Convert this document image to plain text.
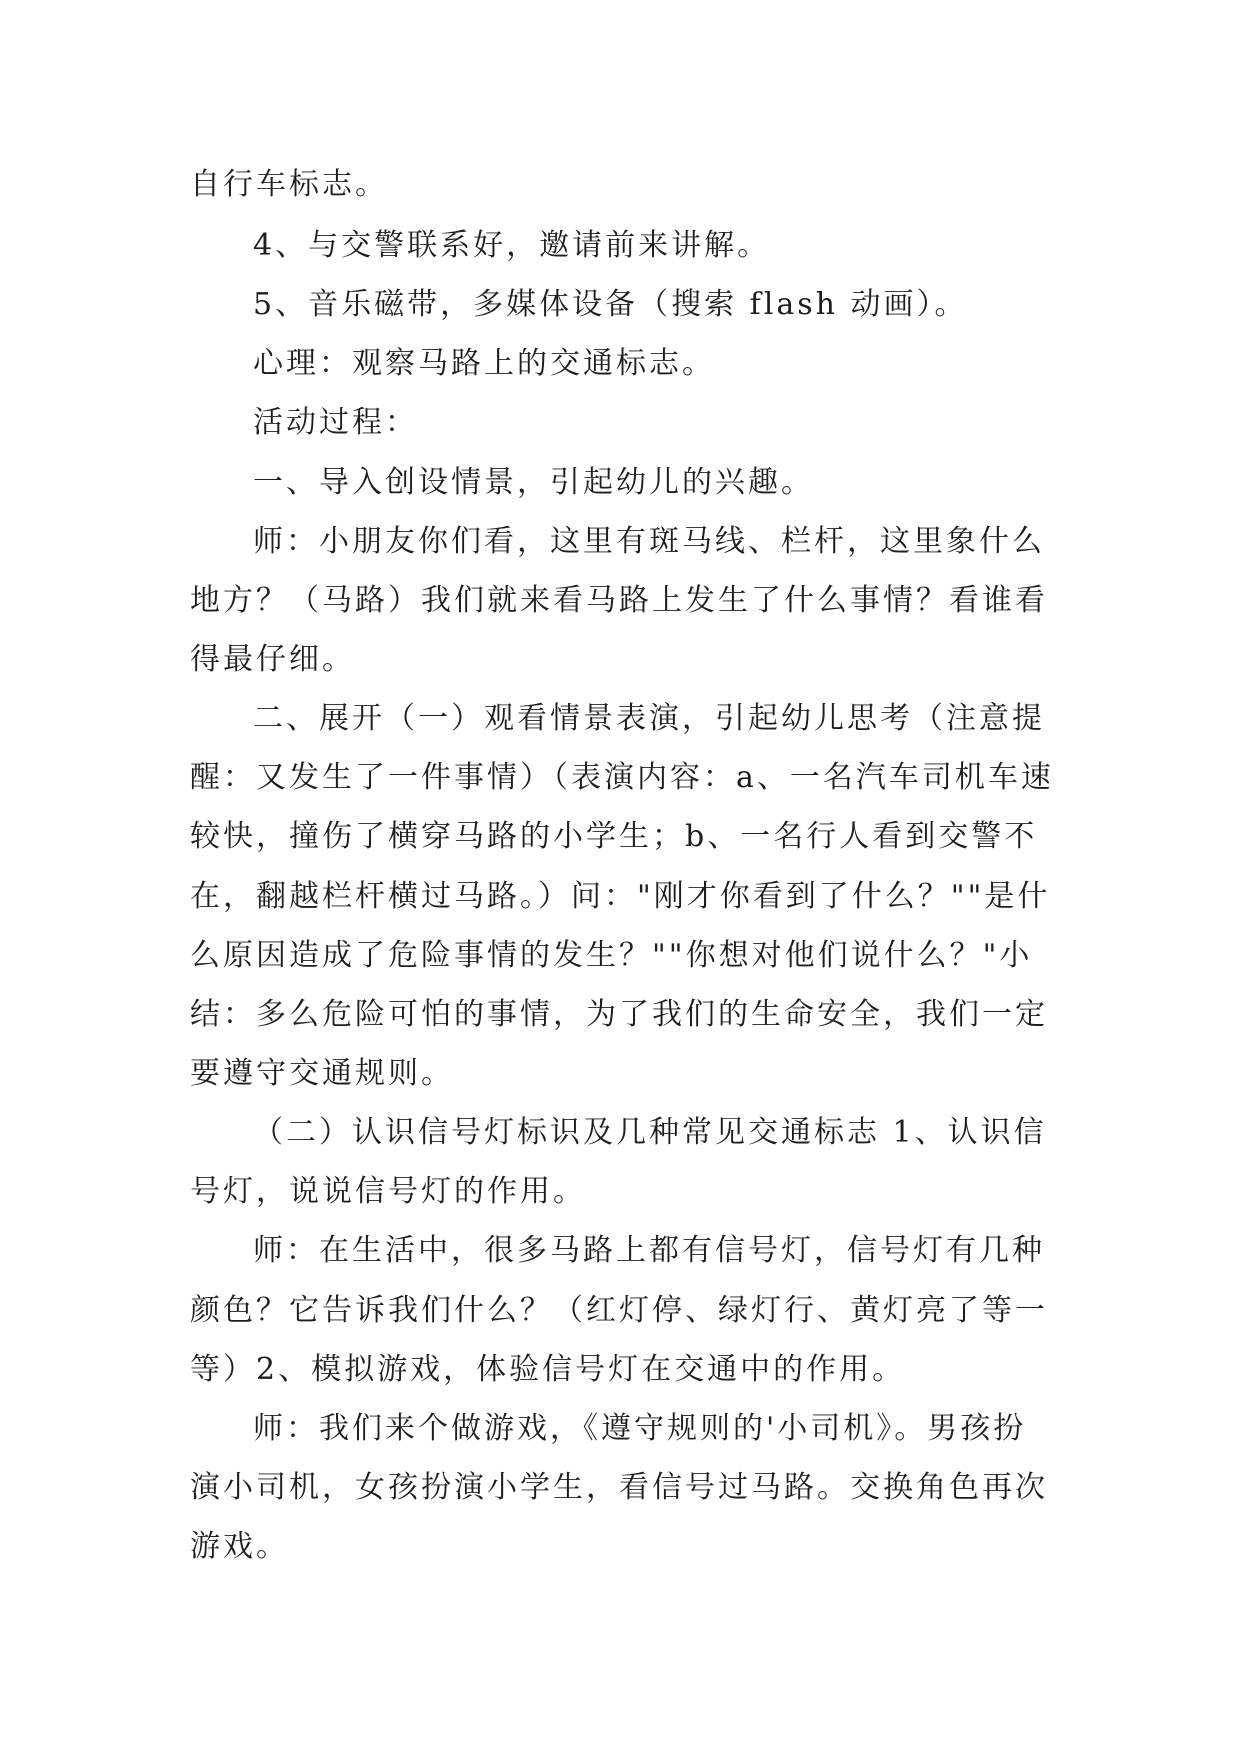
自行车标志。
4、与交警联系好，邀请前来讲解。
5、音乐磁带，多媒体设备（搜索 flash 动画）。
心理：观察马路上的交通标志。
活动过程：
一、导入创设情景，引起幼儿的兴趣。
师：小朋友你们看，这里有斑马线、栏杆，这里象什么
地方？（马路）我们就来看马路上发生了什么事情？看谁看
得最仔细。
二、展开（一）观看情景表演，引起幼儿思考（注意提
醒：又发生了一件事情）（表演内容：a、一名汽车司机车速
较快，撞伤了横穿马路的小学生；b、一名行人看到交警不
在，翻越栏杆横过马路。）问："刚才你看到了什么？""是什
么原因造成了危险事情的发生？""你想对他们说什么？"小
结：多么危险可怕的事情，为了我们的生命安全，我们一定
要遵守交通规则。
（二）认识信号灯标识及几种常见交通标志 1、认识信
号灯，说说信号灯的作用。
师：在生活中，很多马路上都有信号灯，信号灯有几种
颜色？它告诉我们什么？（红灯停、绿灯行、黄灯亮了等一
等）2、模拟游戏，体验信号灯在交通中的作用。
师：我们来个做游戏，《遵守规则的'小司机》。男孩扮
演小司机，女孩扮演小学生，看信号过马路。交换角色再次
游戏。
